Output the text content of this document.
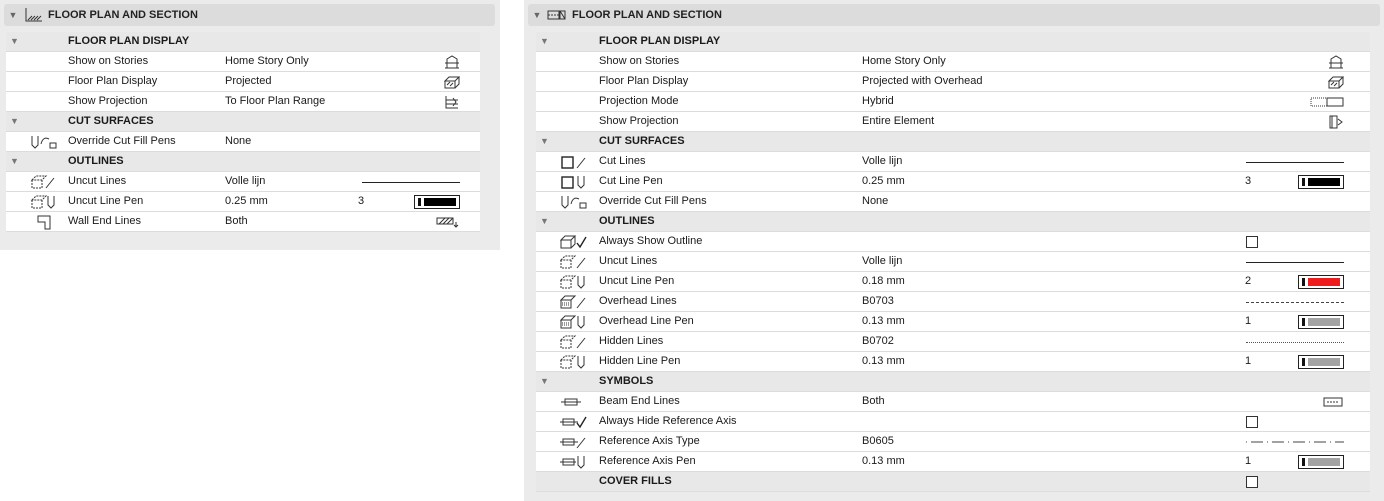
▼	FLOOR PLAN AND SECTION
▼	FLOOR PLAN DISPLAY
Show on Stories	Home Story Only
Floor Plan Display	Projected
Show Projection	To Floor Plan Range
▼	CUT SURFACES
Override Cut Fill Pens	None
▼	OUTLINES
Uncut Lines	Volle lijn
Uncut Line Pen	0.25 mm	3
Wall End Lines	Both
▼	FLOOR PLAN AND SECTION
▼	FLOOR PLAN DISPLAY
Show on Stories	Home Story Only
Floor Plan Display	Projected with Overhead
Projection Mode	Hybrid
Show Projection	Entire Element
▼	CUT SURFACES
Cut Lines	Volle lijn
Cut Line Pen	0.25 mm	3
Override Cut Fill Pens	None
▼	OUTLINES
Always Show Outline
Uncut Lines	Volle lijn
Uncut Line Pen	0.18 mm	2
Overhead Lines	B0703
Overhead Line Pen	0.13 mm	1
Hidden Lines	B0702
Hidden Line Pen	0.13 mm	1
▼	SYMBOLS
Beam End Lines	Both
Always Hide Reference Axis
Reference Axis Type	B0605
Reference Axis Pen	0.13 mm	1
COVER FILLS
